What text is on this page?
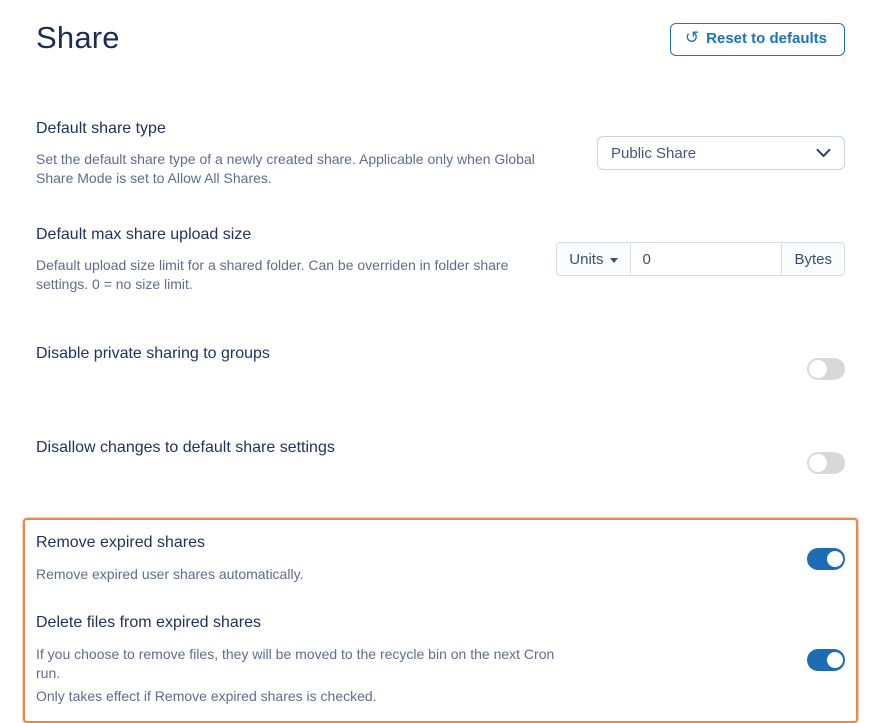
Share	↺ Reset to defaults
Default share type
Set the default share type of a newly created share. Applicable only when Global Share Mode is set to Allow All Shares.
Public Share
Default max share upload size
Default upload size limit for a shared folder. Can be overriden in folder share settings. 0 = no size limit.
Units
0	Bytes
Disable private sharing to groups
Disallow changes to default share settings
Remove expired shares
Remove expired user shares automatically.
Delete files from expired shares
If you choose to remove files, they will be moved to the recycle bin on the next Cron run.
Only takes effect if Remove expired shares is checked.
